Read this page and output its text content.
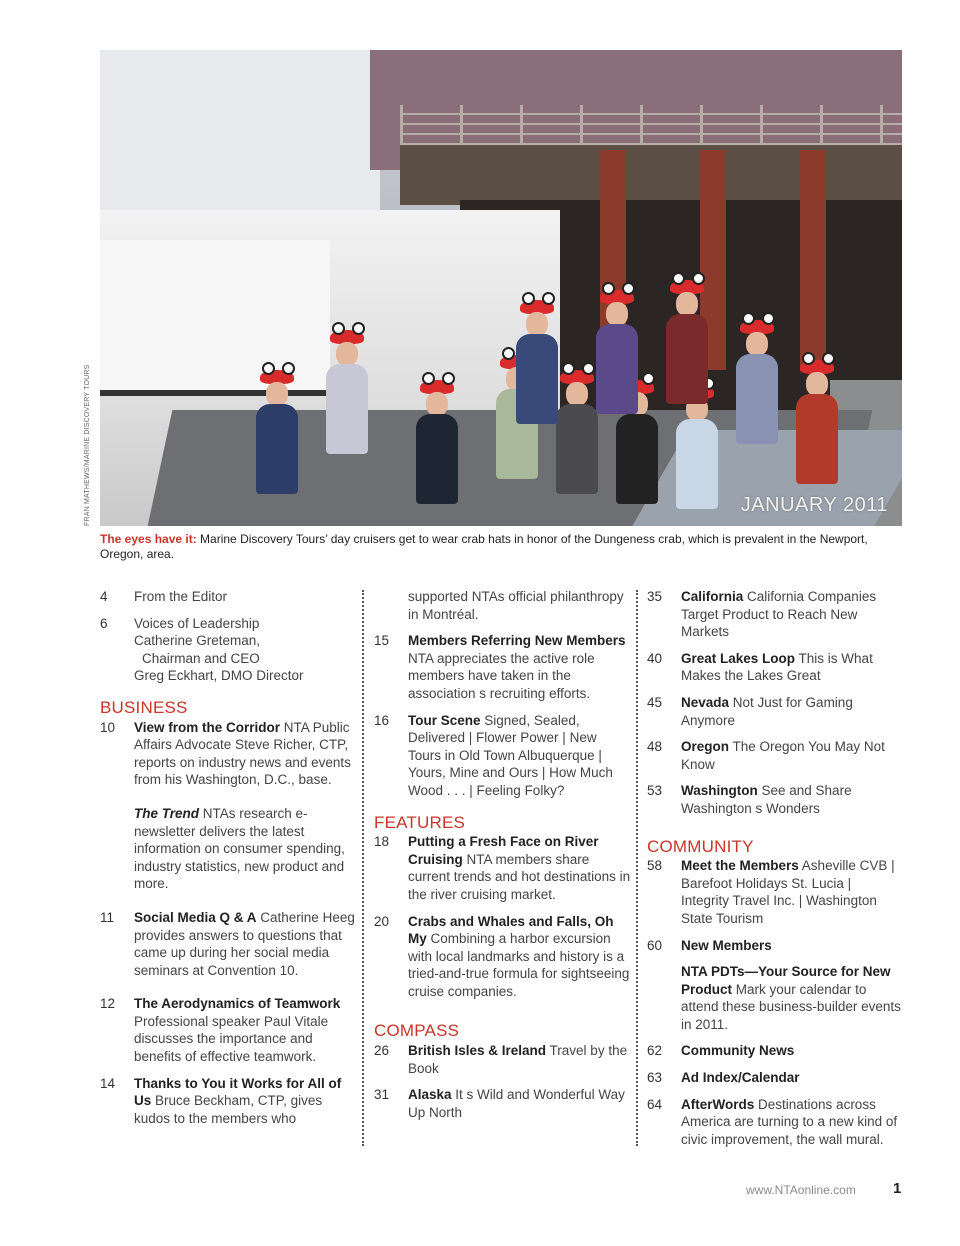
FRAN MATHEWS/MARINE DISCOVERY TOURS	JANUARY 2011
The eyes have it: Marine Discovery Tours’ day cruisers get to wear crab hats in honor of the Dungeness crab, which is prevalent in the Newport, Oregon, area.
4	From the Editor
6	Voices of Leadership
Catherine Greteman,
Chairman and CEO
Greg Eckhart, DMO Director
BUSINESS
10	View from the Corridor NTA Public Affairs Advocate Steve Richer, CTP, reports on industry news and events from his Washington, D.C., base.
The Trend NTAs research e-newsletter delivers the latest information on consumer spending, industry statistics, new product and more.
11	Social Media Q & A Catherine Heeg provides answers to questions that came up during her social media seminars at Convention 10.
12	The Aerodynamics of Teamwork Professional speaker Paul Vitale discusses the importance and benefits of effective teamwork.
14	Thanks to You it Works for All of Us Bruce Beckham, CTP, gives kudos to the members who
supported NTAs official philanthropy in Montréal.
15	Members Referring New Members NTA appreciates the active role members have taken in the association s recruiting efforts.
16	Tour Scene Signed, Sealed, Delivered | Flower Power | New Tours in Old Town Albuquerque | Yours, Mine and Ours | How Much Wood . . . | Feeling Folky?
FEATURES
18	Putting a Fresh Face on River Cruising NTA members share current trends and hot destinations in the river cruising market.
20	Crabs and Whales and Falls, Oh My Combining a harbor excursion with local landmarks and history is a tried-and-true formula for sightseeing cruise companies.
COMPASS
26	British Isles & Ireland Travel by the Book
31	Alaska It s Wild and Wonderful Way Up North
35	California California Companies Target Product to Reach New Markets
40	Great Lakes Loop This is What Makes the Lakes Great
45	Nevada Not Just for Gaming Anymore
48	Oregon The Oregon You May Not Know
53	Washington See and Share Washington s Wonders
COMMUNITY
58	Meet the Members Asheville CVB | Barefoot Holidays St. Lucia | Integrity Travel Inc. | Washington State Tourism
60	New Members
NTA PDTs—Your Source for New Product Mark your calendar to attend these business-builder events in 2011.
62	Community News
63	Ad Index/Calendar
64	AfterWords Destinations across America are turning to a new kind of civic improvement, the wall mural.
www.NTAonline.com 1
